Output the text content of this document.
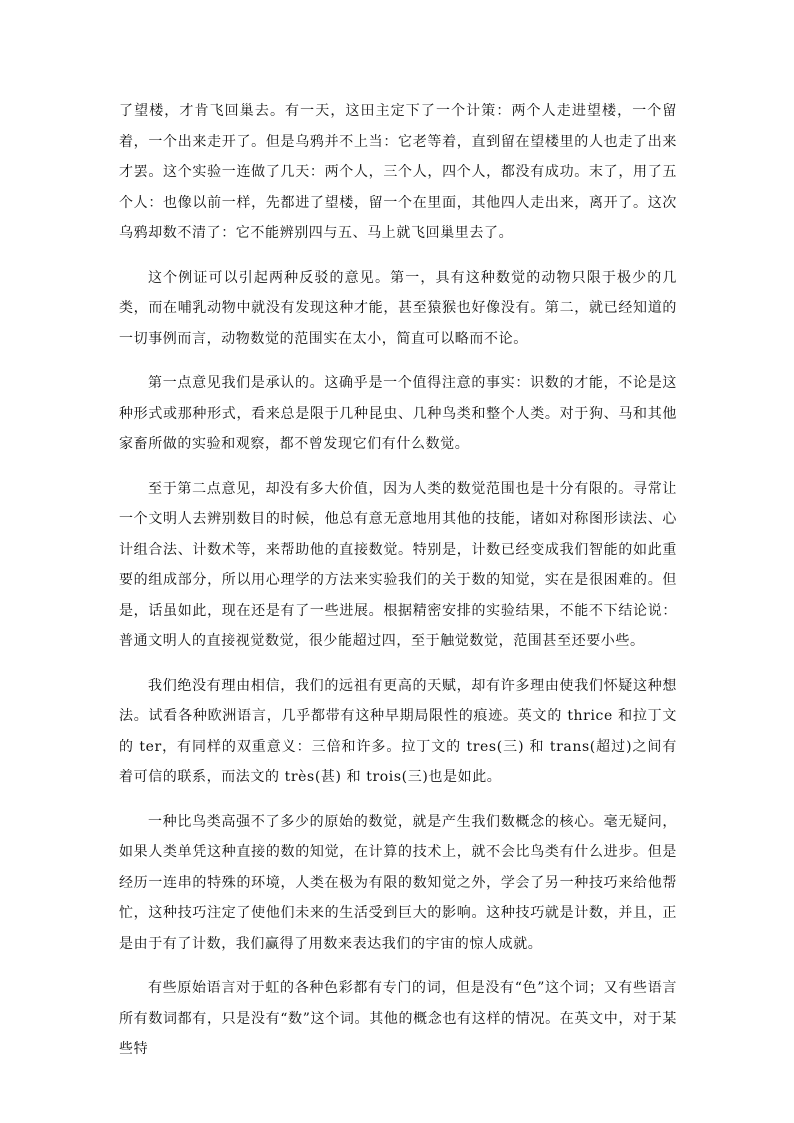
了望楼，才肯飞回巢去。有一天，这田主定下了一个计策：两个人走进望楼，一个留着，一个出来走开了。但是乌鸦并不上当：它老等着，直到留在望楼里的人也走了出来才罢。这个实验一连做了几天：两个人，三个人，四个人，都没有成功。末了，用了五个人：也像以前一样，先都进了望楼，留一个在里面，其他四人走出来，离开了。这次乌鸦却数不清了：它不能辨别四与五、马上就飞回巢里去了。

这个例证可以引起两种反驳的意见。第一，具有这种数觉的动物只限于极少的几类，而在哺乳动物中就没有发现这种才能，甚至猿猴也好像没有。第二，就已经知道的一切事例而言，动物数觉的范围实在太小，简直可以略而不论。

第一点意见我们是承认的。这确乎是一个值得注意的事实：识数的才能，不论是这种形式或那种形式，看来总是限于几种昆虫、几种鸟类和整个人类。对于狗、马和其他家畜所做的实验和观察，都不曾发现它们有什么数觉。

至于第二点意见，却没有多大价值，因为人类的数觉范围也是十分有限的。寻常让一个文明人去辨别数目的时候，他总有意无意地用其他的技能，诸如对称图形读法、心计组合法、计数术等，来帮助他的直接数觉。特别是，计数已经变成我们智能的如此重要的组成部分，所以用心理学的方法来实验我们的关于数的知觉，实在是很困难的。但是，话虽如此，现在还是有了一些进展。根据精密安排的实验结果，不能不下结论说：普通文明人的直接视觉数觉，很少能超过四，至于触觉数觉，范围甚至还要小些。

我们绝没有理由相信，我们的远祖有更高的天赋，却有许多理由使我们怀疑这种想法。试看各种欧洲语言，几乎都带有这种早期局限性的痕迹。英文的 thrice 和拉丁文的 ter，有同样的双重意义：三倍和许多。拉丁文的 tres(三) 和 trans(超过)之间有着可信的联系，而法文的 très(甚) 和 trois(三)也是如此。

一种比鸟类高强不了多少的原始的数觉，就是产生我们数概念的核心。毫无疑问，如果人类单凭这种直接的数的知觉，在计算的技术上，就不会比鸟类有什么进步。但是经历一连串的特殊的环境，人类在极为有限的数知觉之外，学会了另一种技巧来给他帮忙，这种技巧注定了使他们未来的生活受到巨大的影响。这种技巧就是计数，并且，正是由于有了计数，我们赢得了用数来表达我们的宇宙的惊人成就。

有些原始语言对于虹的各种色彩都有专门的词，但是没有“色”这个词；又有些语言所有数词都有，只是没有“数”这个词。其他的概念也有这样的情况。在英文中，对于某些特
